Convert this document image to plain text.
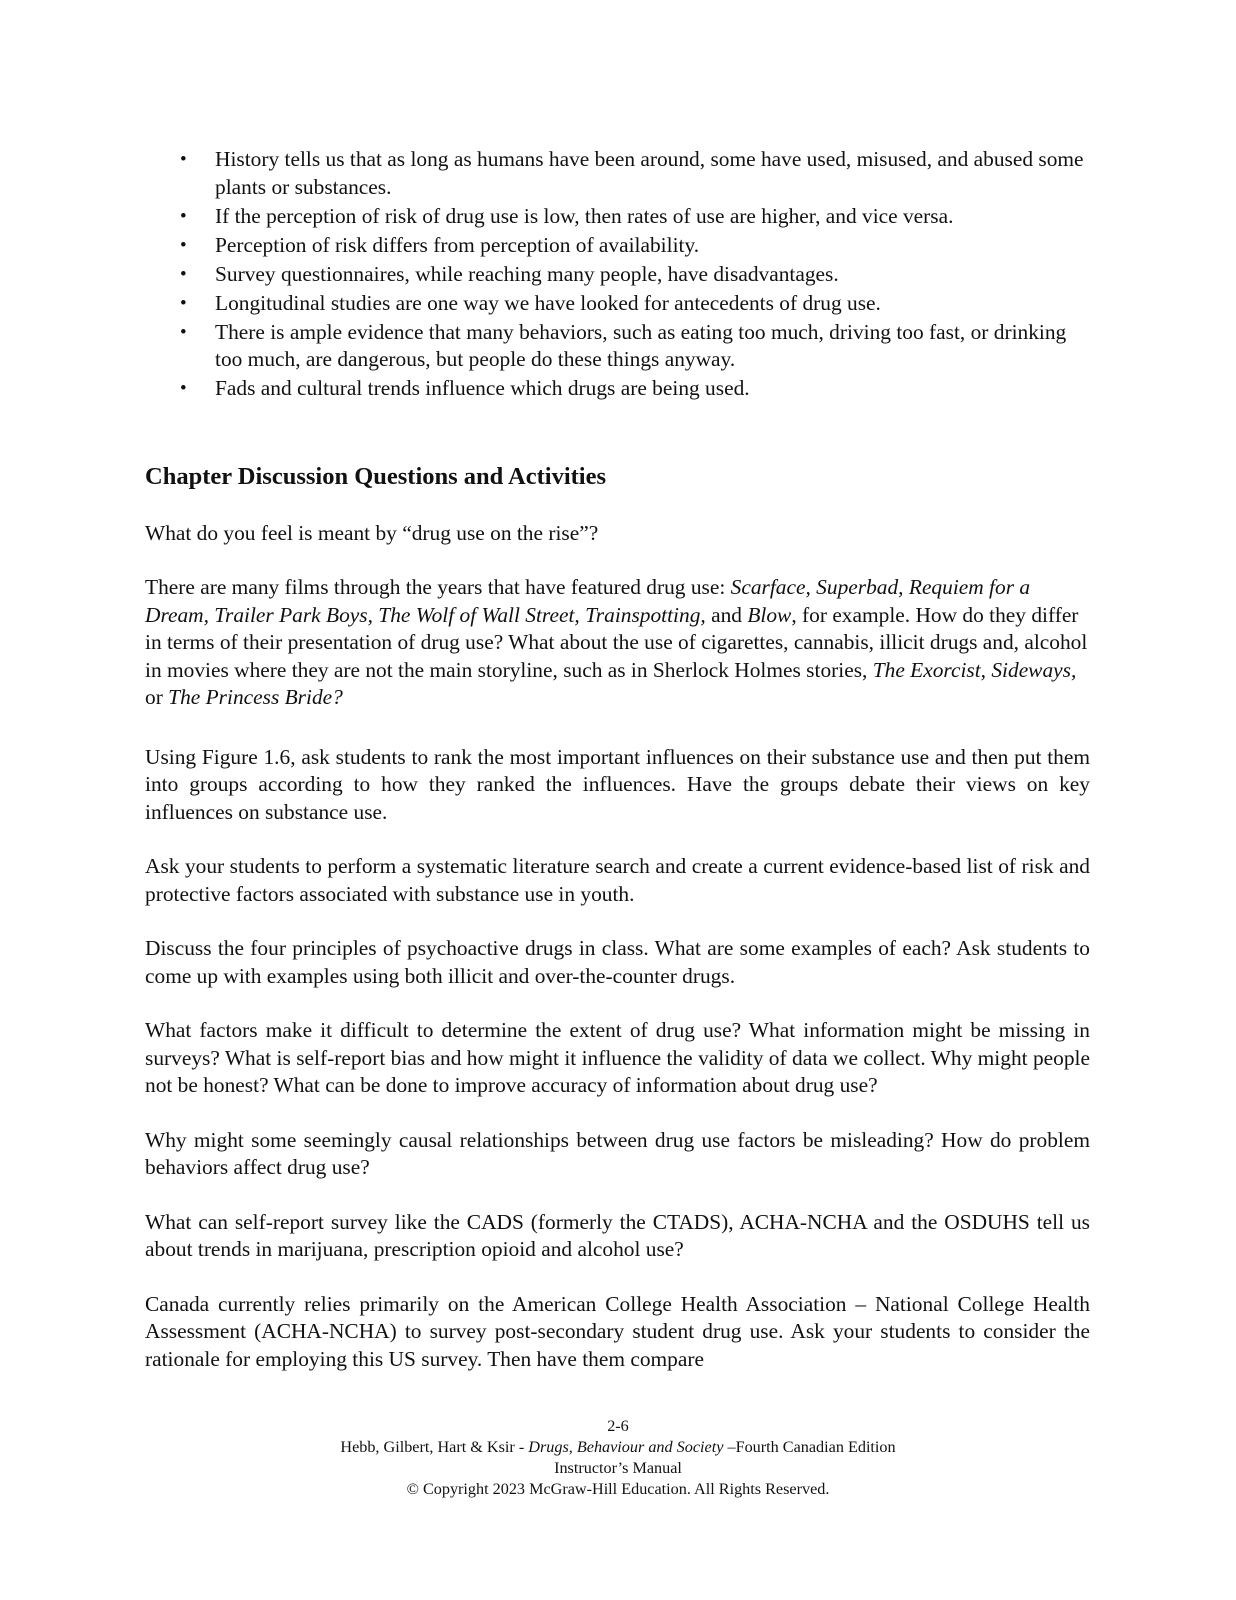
• History tells us that as long as humans have been around, some have used, misused, and abused some plants or substances.
• If the perception of risk of drug use is low, then rates of use are higher, and vice versa.
• Perception of risk differs from perception of availability.
• Survey questionnaires, while reaching many people, have disadvantages.
• Longitudinal studies are one way we have looked for antecedents of drug use.
• There is ample evidence that many behaviors, such as eating too much, driving too fast, or drinking too much, are dangerous, but people do these things anyway.
• Fads and cultural trends influence which drugs are being used.
Chapter Discussion Questions and Activities

What do you feel is meant by “drug use on the rise”?

There are many films through the years that have featured drug use: Scarface, Superbad, Requiem for a Dream, Trailer Park Boys, The Wolf of Wall Street, Trainspotting, and Blow, for example. How do they differ in terms of their presentation of drug use? What about the use of cigarettes, cannabis, illicit drugs and, alcohol in movies where they are not the main storyline, such as in Sherlock Holmes stories, The Exorcist, Sideways, or The Princess Bride?

Using Figure 1.6, ask students to rank the most important influences on their substance use and then put them into groups according to how they ranked the influences. Have the groups debate their views on key influences on substance use.

Ask your students to perform a systematic literature search and create a current evidence-based list of risk and protective factors associated with substance use in youth.

Discuss the four principles of psychoactive drugs in class. What are some examples of each? Ask students to come up with examples using both illicit and over-the-counter drugs.

What factors make it difficult to determine the extent of drug use? What information might be missing in surveys? What is self-report bias and how might it influence the validity of data we collect. Why might people not be honest? What can be done to improve accuracy of information about drug use?

Why might some seemingly causal relationships between drug use factors be misleading? How do problem behaviors affect drug use?

What can self-report survey like the CADS (formerly the CTADS), ACHA-NCHA and the OSDUHS tell us about trends in marijuana, prescription opioid and alcohol use?

Canada currently relies primarily on the American College Health Association – National College Health Assessment (ACHA-NCHA) to survey post-secondary student drug use. Ask your students to consider the rationale for employing this US survey. Then have them compare

2-6
Hebb, Gilbert, Hart & Ksir - Drugs, Behaviour and Society –Fourth Canadian Edition
Instructor’s Manual
© Copyright 2023 McGraw-Hill Education. All Rights Reserved.
